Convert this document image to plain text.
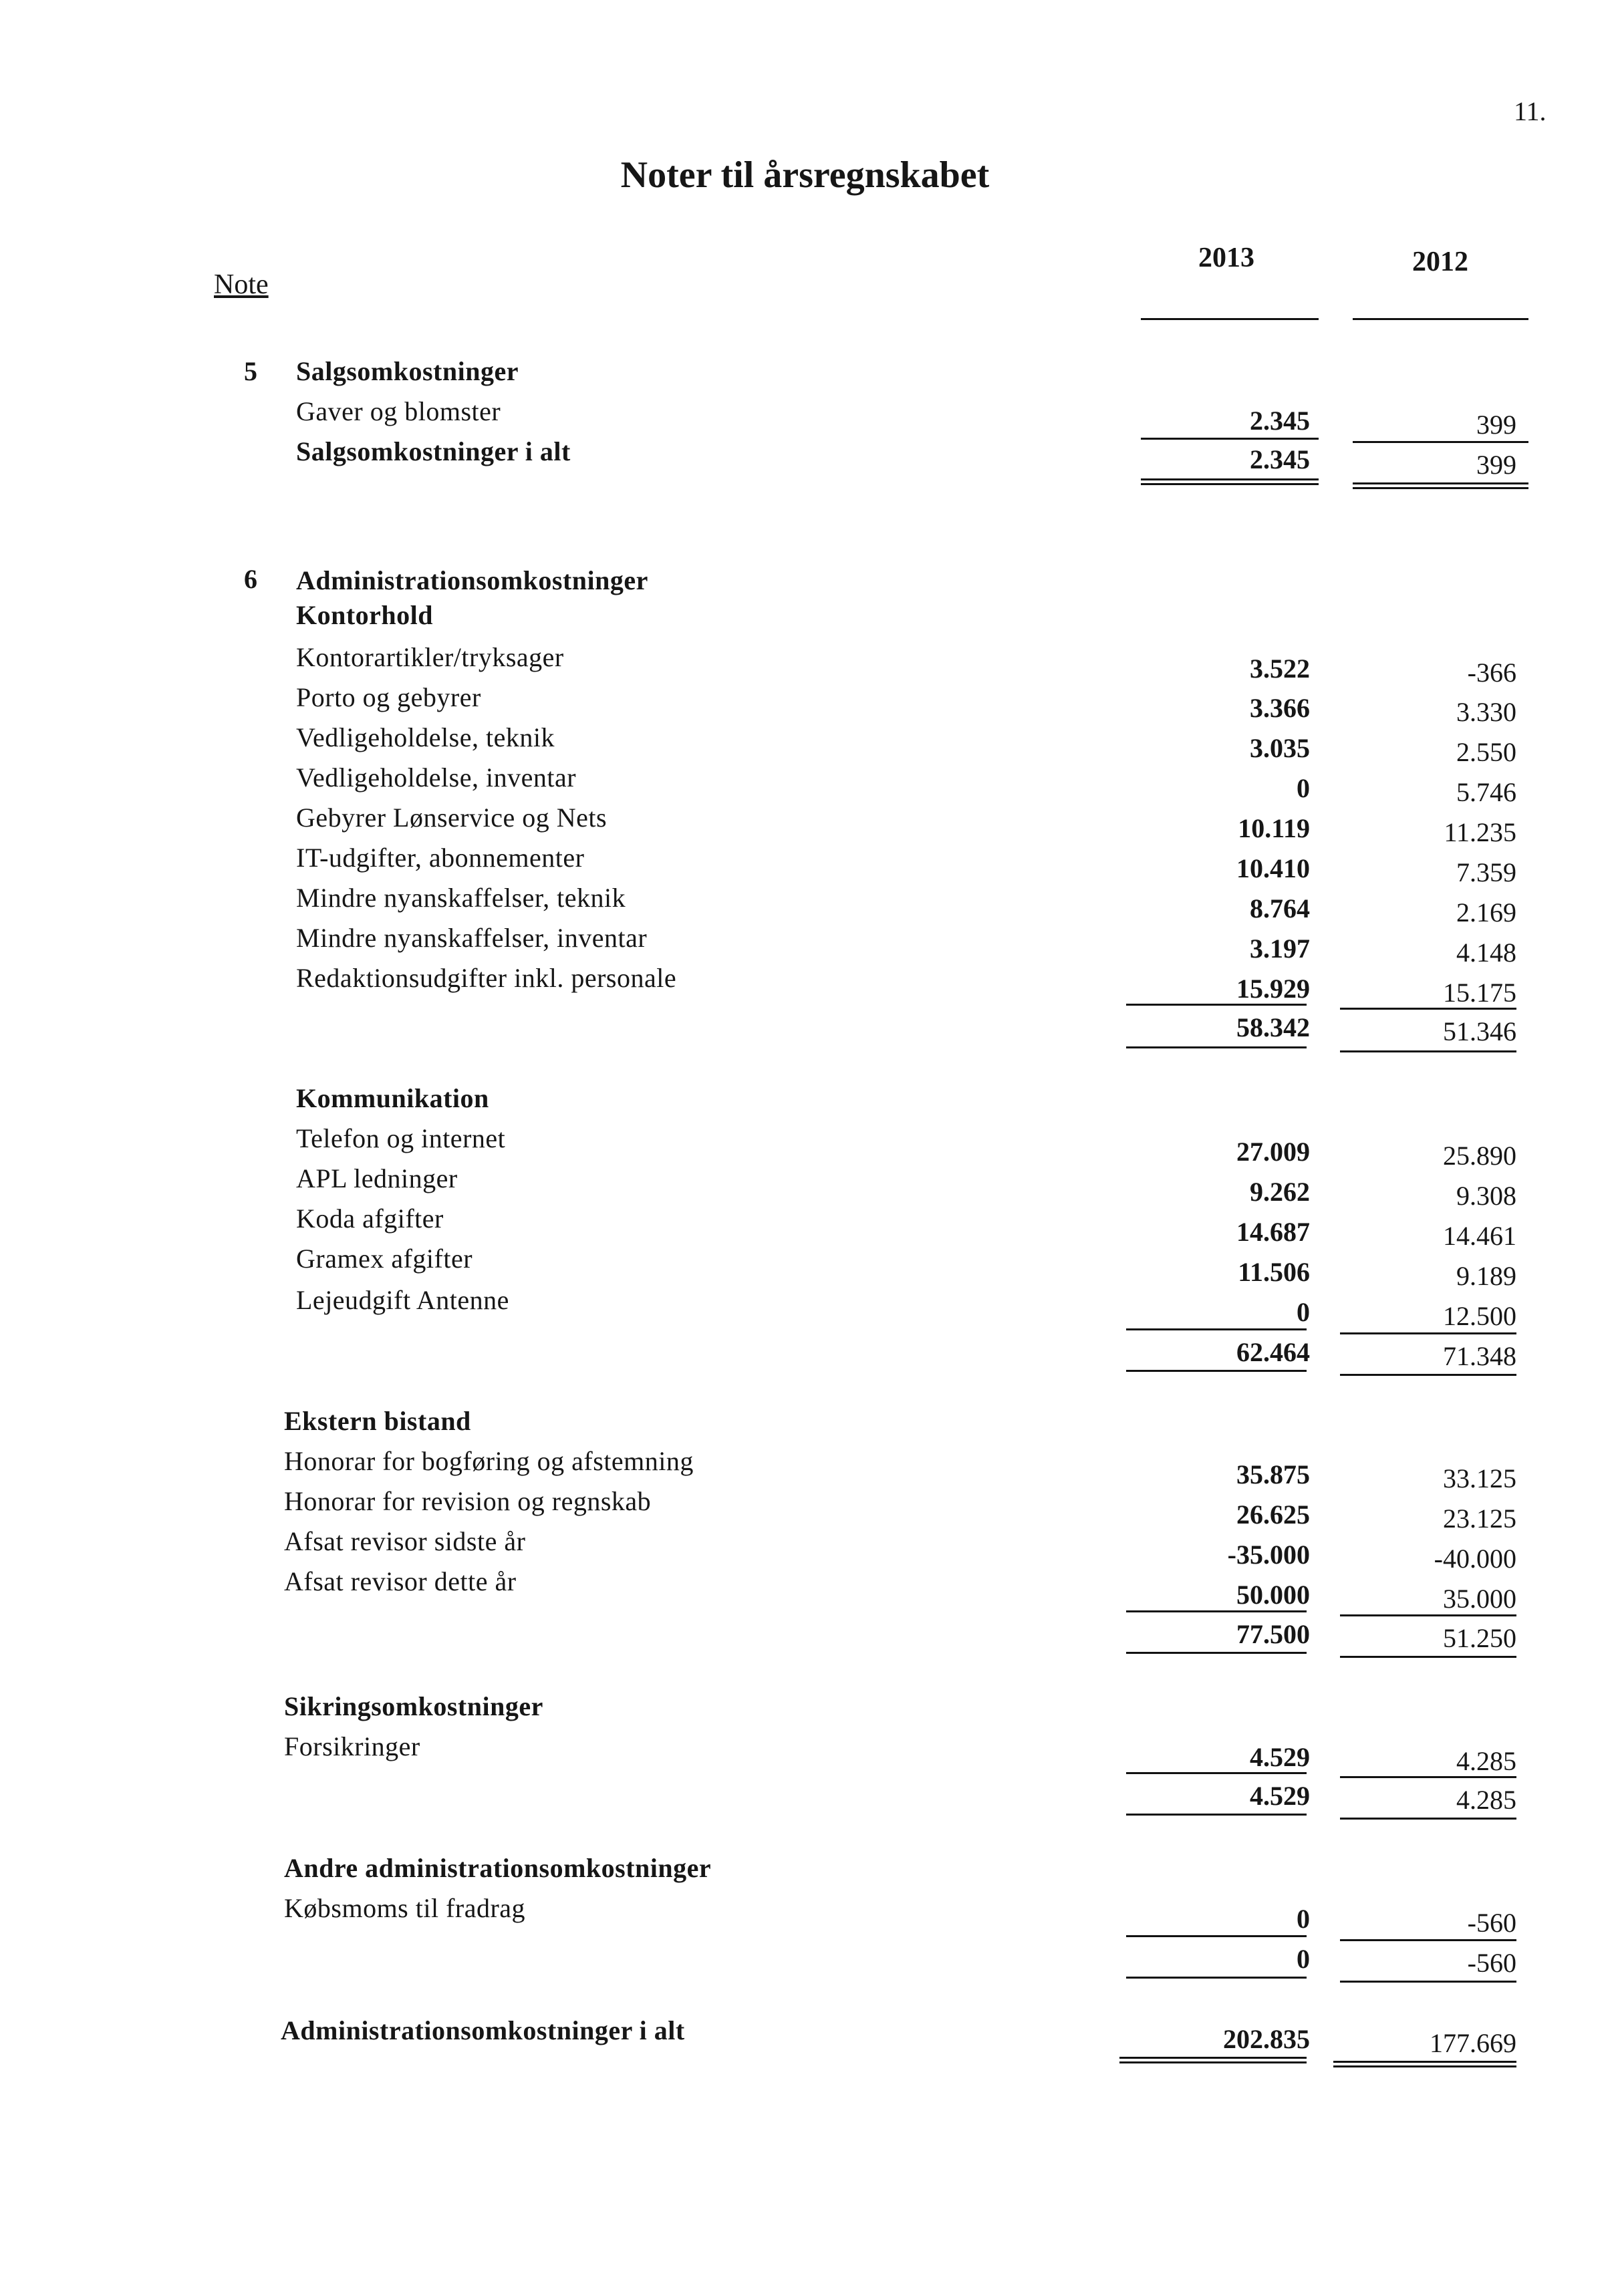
11.
Noter til årsregnskabet
2013	2012
Note
5 Salgsomkostninger
Gaver og blomster	2.345	399
Salgsomkostninger i alt	2.345	399
6 Administrationsomkostninger
Kontorhold
Kontorartikler/tryksager	3.522	-366
Porto og gebyrer	3.366	3.330
Vedligeholdelse, teknik	3.035	2.550
Vedligeholdelse, inventar	0	5.746
Gebyrer Lønservice og Nets	10.119	11.235
IT-udgifter, abonnementer	10.410	7.359
Mindre nyanskaffelser, teknik	8.764	2.169
Mindre nyanskaffelser, inventar	3.197	4.148
Redaktionsudgifter inkl. personale	15.929	15.175
58.342	51.346
Kommunikation
Telefon og internet	27.009	25.890
APL ledninger	9.262	9.308
Koda afgifter	14.687	14.461
Gramex afgifter	11.506	9.189
Lejeudgift Antenne	0	12.500
62.464	71.348
Ekstern bistand
Honorar for bogføring og afstemning	35.875	33.125
Honorar for revision og regnskab	26.625	23.125
Afsat revisor sidste år	-35.000	-40.000
Afsat revisor dette år	50.000	35.000
77.500	51.250
Sikringsomkostninger
Forsikringer	4.529	4.285
4.529	4.285
Andre administrationsomkostninger
Købsmoms til fradrag	0	-560
0	-560
Administrationsomkostninger i alt	202.835	177.669
